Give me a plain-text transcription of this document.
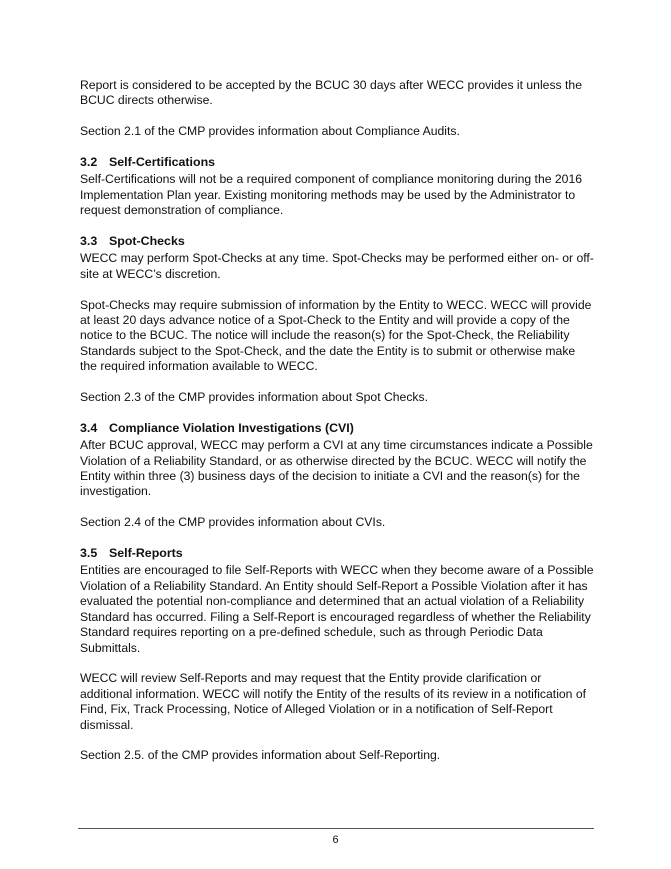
Report is considered to be accepted by the BCUC 30 days after WECC provides it unless the BCUC directs otherwise.

Section 2.1 of the CMP provides information about Compliance Audits.

3.2 Self-Certifications

Self-Certifications will not be a required component of compliance monitoring during the 2016 Implementation Plan year. Existing monitoring methods may be used by the Administrator to request demonstration of compliance.

3.3 Spot-Checks

WECC may perform Spot-Checks at any time. Spot-Checks may be performed either on- or off-site at WECC’s discretion.

Spot-Checks may require submission of information by the Entity to WECC. WECC will provide at least 20 days advance notice of a Spot-Check to the Entity and will provide a copy of the notice to the BCUC. The notice will include the reason(s) for the Spot-Check, the Reliability Standards subject to the Spot-Check, and the date the Entity is to submit or otherwise make the required information available to WECC.

Section 2.3 of the CMP provides information about Spot Checks.

3.4 Compliance Violation Investigations (CVI)

After BCUC approval, WECC may perform a CVI at any time circumstances indicate a Possible Violation of a Reliability Standard, or as otherwise directed by the BCUC. WECC will notify the Entity within three (3) business days of the decision to initiate a CVI and the reason(s) for the investigation.

Section 2.4 of the CMP provides information about CVIs.

3.5 Self-Reports

Entities are encouraged to file Self-Reports with WECC when they become aware of a Possible Violation of a Reliability Standard. An Entity should Self-Report a Possible Violation after it has evaluated the potential non-compliance and determined that an actual violation of a Reliability Standard has occurred. Filing a Self-Report is encouraged regardless of whether the Reliability Standard requires reporting on a pre-defined schedule, such as through Periodic Data Submittals.

WECC will review Self-Reports and may request that the Entity provide clarification or additional information. WECC will notify the Entity of the results of its review in a notification of Find, Fix, Track Processing, Notice of Alleged Violation or in a notification of Self-Report dismissal.

Section 2.5. of the CMP provides information about Self-Reporting.

6
